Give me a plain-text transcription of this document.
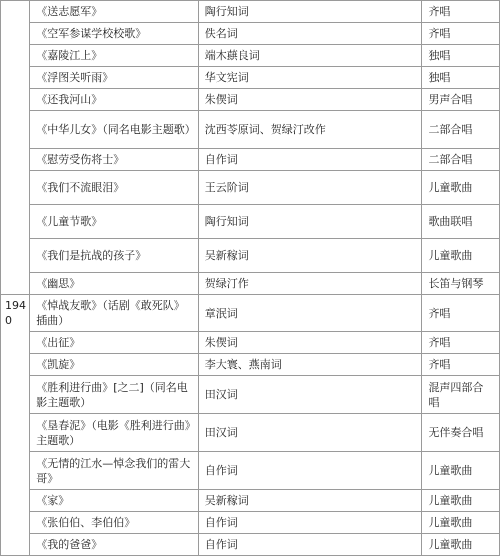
	《送志愿军》	陶行知词	齐唱
	《空军参谋学校校歌》	佚名词	齐唱
	《嘉陵江上》	端木蕻良词	独唱
	《浮图关听雨》	华文宪词	独唱
	《还我河山》	朱偰词	男声合唱
	《中华儿女》（同名电影主题歌）	沈西苓原词、贺绿汀改作	二部合唱
	《慰劳受伤将士》	自作词	二部合唱
	《我们不流眼泪》	王云阶词	儿童歌曲
	《儿童节歌》	陶行知词	歌曲联唱
	《我们是抗战的孩子》	吴新稼词	儿童歌曲
	《幽思》	贺绿汀作	长笛与钢琴
1940	《悼战友歌》（话剧《敢死队》插曲）	章泯词	齐唱
	《出征》	朱偰词	齐唱
	《凯旋》	李大寰、燕南词	齐唱
	《胜利进行曲》[之二]（同名电影主题歌）	田汉词	混声四部合唱
	《垦春泥》（电影《胜利进行曲》主题歌）	田汉词	无伴奏合唱
	《无情的江水—悼念我们的雷大哥》	自作词	儿童歌曲
	《家》	吴新稼词	儿童歌曲
	《张伯伯、李伯伯》	自作词	儿童歌曲
	《我的爸爸》	自作词	儿童歌曲
